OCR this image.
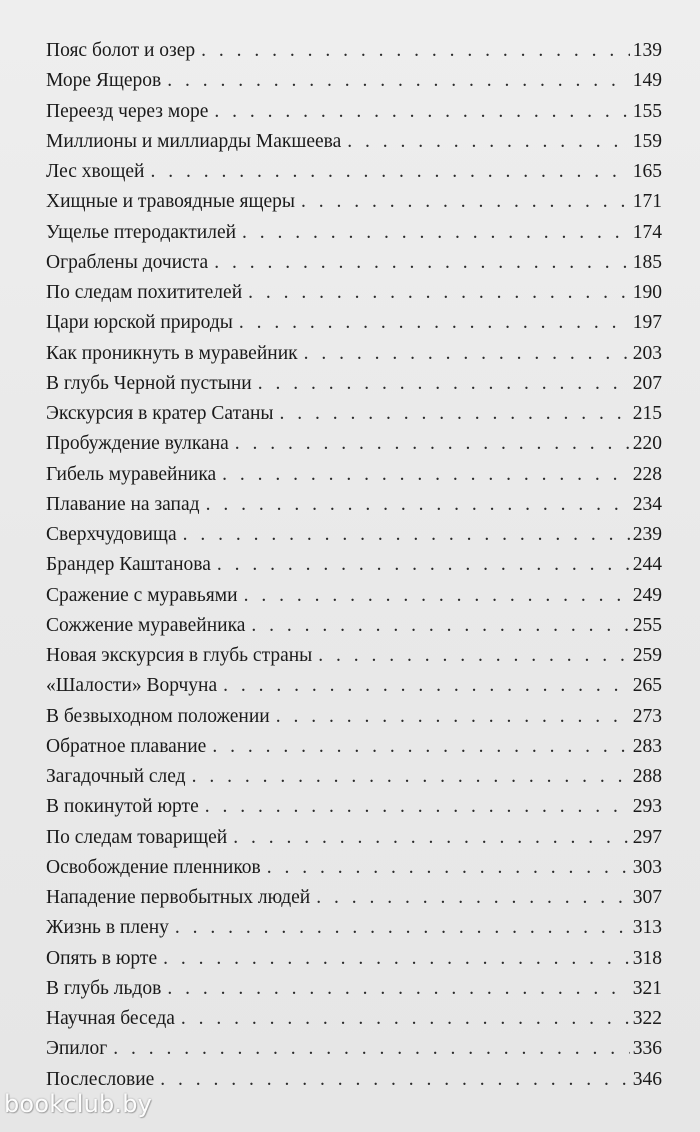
Пояс болот и озер . . .	139
Море Ящеров . . .	149
Переезд через море . . .	155
Миллионы и миллиарды Макшеева . . .	159
Лес хвощей . . .	165
Хищные и травоядные ящеры . . .	171
Ущелье птеродактилей . . .	174
Ограблены дочиста . . .	185
По следам похитителей . . .	190
Цари юрской природы . . .	197
Как проникнуть в муравейник . . .	203
В глубь Черной пустыни . . .	207
Экскурсия в кратер Сатаны . . .	215
Пробуждение вулкана . . .	220
Гибель муравейника . . .	228
Плавание на запад . . .	234
Сверхчудовища . . .	239
Брандер Каштанова . . .	244
Сражение с муравьями . . .	249
Сожжение муравейника . . .	255
Новая экскурсия в глубь страны . . .	259
«Шалости» Ворчуна . . .	265
В безвыходном положении . . .	273
Обратное плавание . . .	283
Загадочный след . . .	288
В покинутой юрте . . .	293
По следам товарищей . . .	297
Освобождение пленников . . .	303
Нападение первобытных людей . . .	307
Жизнь в плену . . .	313
Опять в юрте . . .	318
В глубь льдов . . .	321
Научная беседа . . .	322
Эпилог . . .	336
Послесловие . . .	346
bookclub.by
